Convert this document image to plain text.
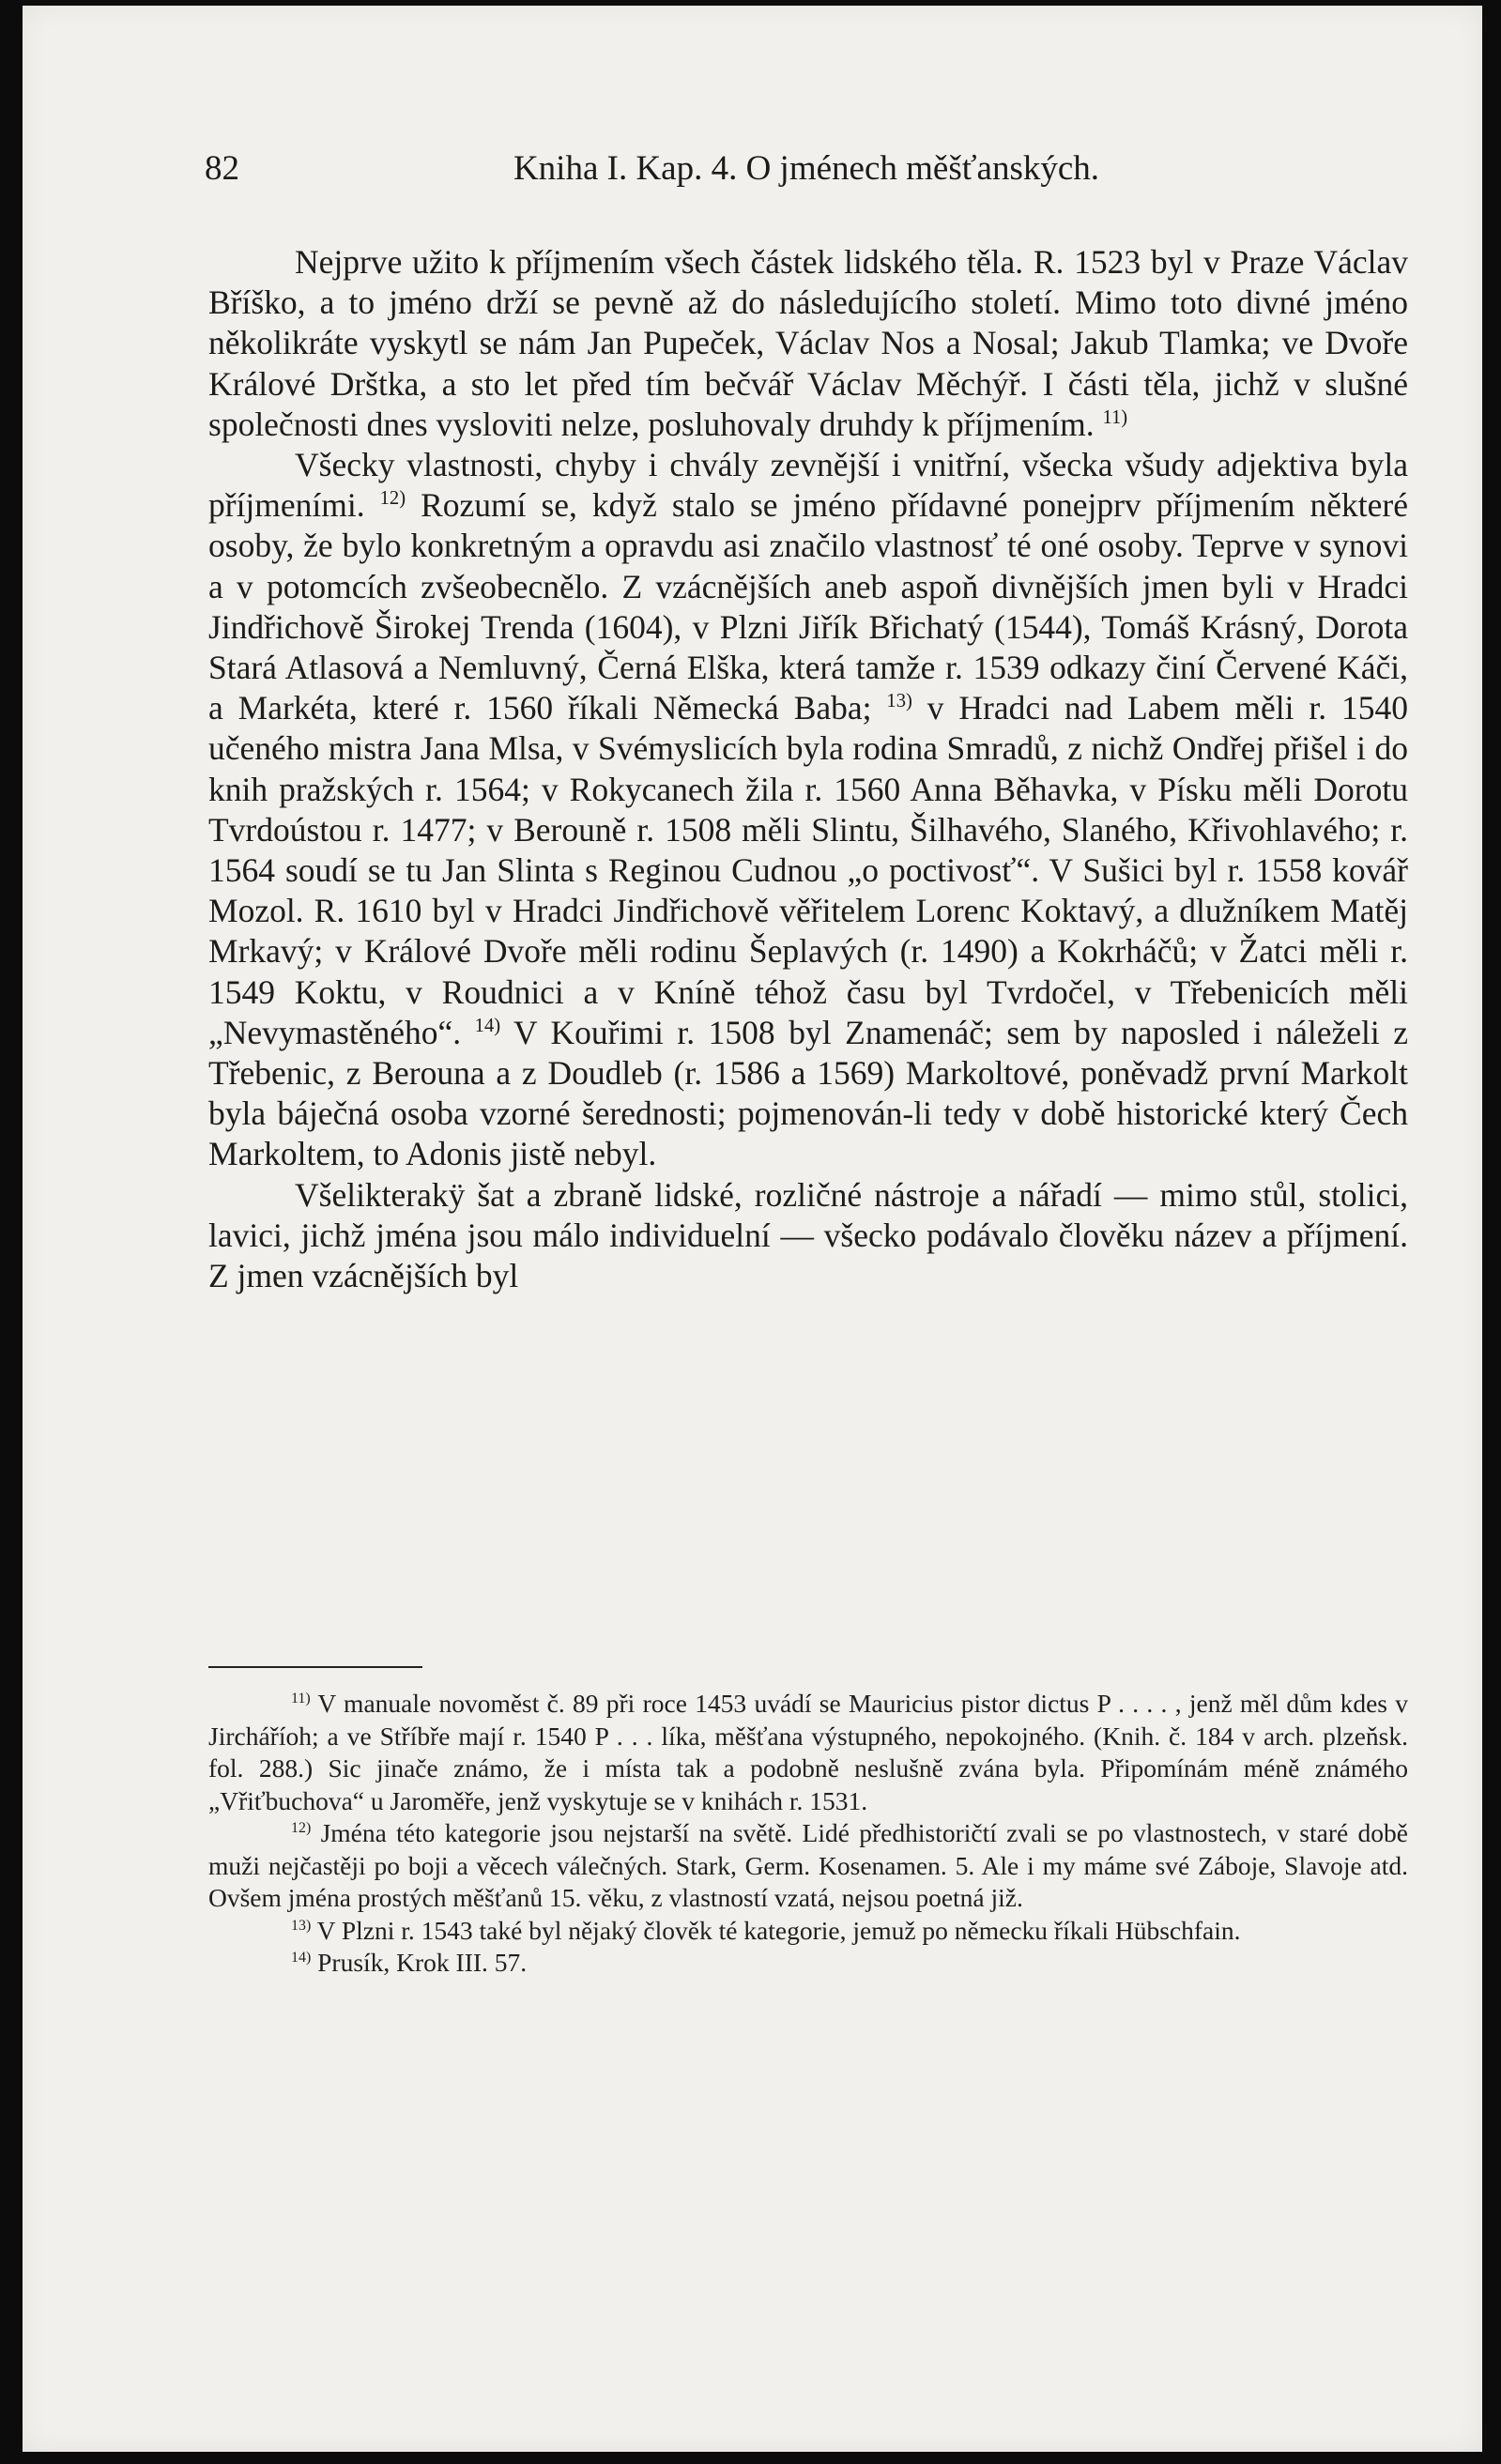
82	Kniha I. Kap. 4. O jménech měšťanských.

Nejprve užito k příjmením všech částek lidského těla. R. 1523 byl v Praze Václav Bříško, a to jméno drží se pevně až do následujícího století. Mimo toto divné jméno několikráte vyskytl se nám Jan Pupeček, Václav Nos a Nosal; Jakub Tlamka; ve Dvoře Králové Drštka, a sto let před tím bečvář Václav Měchýř. I části těla, jichž v slušné společnosti dnes vysloviti nelze, posluhovaly druhdy k příjmením. $^{11)}$

Všecky vlastnosti, chyby i chvály zevnější i vnitřní, všecka všudy adjektiva byla příjmeními. $^{12)}$ Rozumí se, když stalo se jméno přídavné ponejprv příjmením některé osoby, že bylo konkretným a opravdu asi značilo vlastnosť té oné osoby. Teprve v synovi a v potomcích zvšeobecnělo. Z vzácnějších aneb aspoň divnějších jmen byli v Hradci Jindřichově Širokej Trenda (1604), v Plzni Jiřík Břichatý (1544), Tomáš Krásný, Dorota Stará Atlasová a Nemluvný, Černá Elška, která tamže r. 1539 odkazy činí Červené Káči, a Markéta, které r. 1560 říkali Německá Baba; $^{13)}$ v Hradci nad Labem měli r. 1540 učeného mistra Jana Mlsa, v Svémyslicích byla rodina Smradů, z nichž Ondřej přišel i do knih pražských r. 1564; v Rokycanech žila r. 1560 Anna Běhavka, v Písku měli Dorotu Tvrdoústou r. 1477; v Berouně r. 1508 měli Slintu, Šilhavého, Slaného, Křivohlavého; r. 1564 soudí se tu Jan Slinta s Reginou Cudnou „o poctivosť“. V Sušici byl r. 1558 kovář Mozol. R. 1610 byl v Hradci Jindřichově věřitelem Lorenc Koktavý, a dlužníkem Matěj Mrkavý; v Králové Dvoře měli rodinu Šeplavých (r. 1490) a Kokrháčů; v Žatci měli r. 1549 Koktu, v Roudnici a v Kníně téhož času byl Tvrdočel, v Třebenicích měli „Nevymastěného“. $^{14)}$ V Kouřimi r. 1508 byl Znamenáč; sem by naposled i náleželi z Třebenic, z Berouna a z Doudleb (r. 1586 a 1569) Markoltové, poněvadž první Markolt byla báječná osoba vzorné šerednosti; pojmenován-li tedy v době historické který Čech Markoltem, to Adonis jistě nebyl.

Všelikterakÿ šat a zbraně lidské, rozličné nástroje a nářadí — mimo stůl, stolici, lavici, jichž jména jsou málo individuelní — všecko podávalo člověku název a příjmení. Z jmen vzácnějších byl

$^{11)}$ V manuale novoměst č. 89 při roce 1453 uvádí se Mauricius pistor dictus P . . . . , jenž měl dům kdes v Jircháříoh; a ve Stříbře mají r. 1540 P . . . líka, měšťana výstupného, nepokojného. (Knih. č. 184 v arch. plzeňsk. fol. 288.) Sic jinače známo, že i místa tak a podobně neslušně zvána byla. Připomínám méně známého „Vřiťbuchova“ u Jaroměře, jenž vyskytuje se v knihách r. 1531.

$^{12)}$ Jména této kategorie jsou nejstarší na světě. Lidé předhistoričtí zvali se po vlastnostech, v staré době muži nejčastěji po boji a věcech válečných. Stark, Germ. Kosenamen. 5. Ale i my máme své Záboje, Slavoje atd. Ovšem jména prostých měšťanů 15. věku, z vlastností vzatá, nejsou poetná již.

$^{13)}$ V Plzni r. 1543 také byl nějaký člověk té kategorie, jemuž po německu říkali Hübschfain.

$^{14)}$ Prusík, Krok III. 57.
